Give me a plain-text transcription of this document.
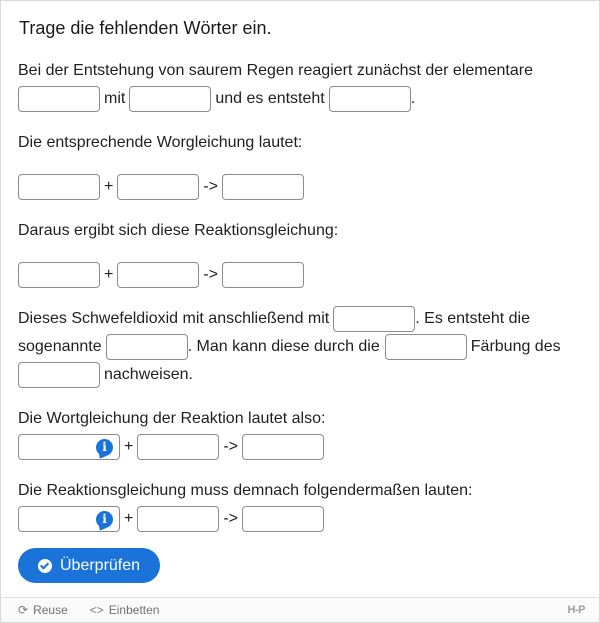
Trage die fehlenden Wörter ein.
Bei der Entstehung von saurem Regen reagiert zunächst der elementare
mit	und es entsteht	.
Die entsprechende Worgleichung lautet:
+	->
Daraus ergibt sich diese Reaktionsgleichung:
+	->
Dieses Schwefeldioxid mit anschließend mit	. Es entsteht die
sogenannte	. Man kann diese durch die	Färbung des
nachweisen.
Die Wortgleichung der Reaktion lautet also:
i	+	->
Die Reaktionsgleichung muss demnach folgendermaßen lauten:
i	+	->
Überprüfen
⟳ Reuse <> Einbetten	H-P
